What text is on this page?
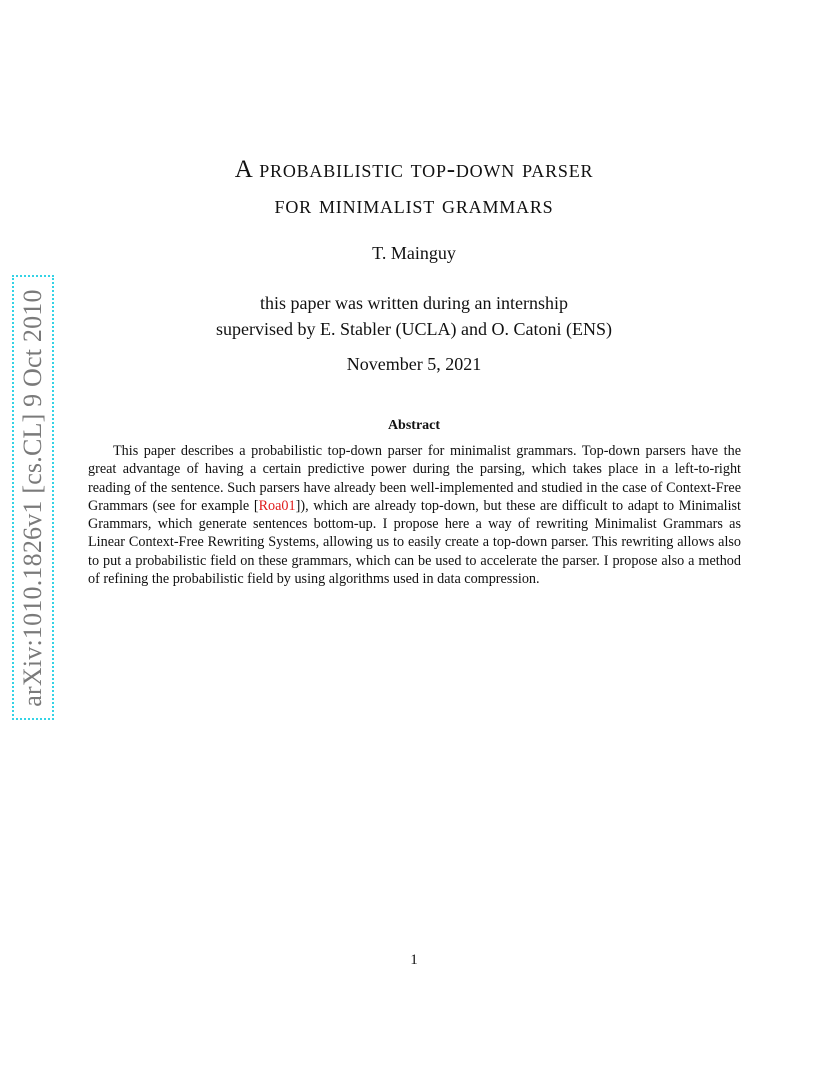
arXiv:1010.1826v1 [cs.CL] 9 Oct 2010
A probabilistic top-down parser
for minimalist grammars
T. Mainguy
this paper was written during an internship
supervised by E. Stabler (UCLA) and O. Catoni (ENS)
November 5, 2021
Abstract

This paper describes a probabilistic top-down parser for minimalist grammars. Top-down parsers have the great advantage of having a certain predictive power during the parsing, which takes place in a left-to-right reading of the sentence. Such parsers have already been well-implemented and studied in the case of Context-Free Grammars (see for example [Roa01]), which are already top-down, but these are difficult to adapt to Minimalist Grammars, which generate sentences bottom-up. I propose here a way of rewriting Minimalist Grammars as Linear Context-Free Rewriting Systems, allowing us to easily create a top-down parser. This rewriting allows also to put a probabilistic field on these grammars, which can be used to accelerate the parser. I propose also a method of refining the probabilistic field by using algorithms used in data compression.

1
